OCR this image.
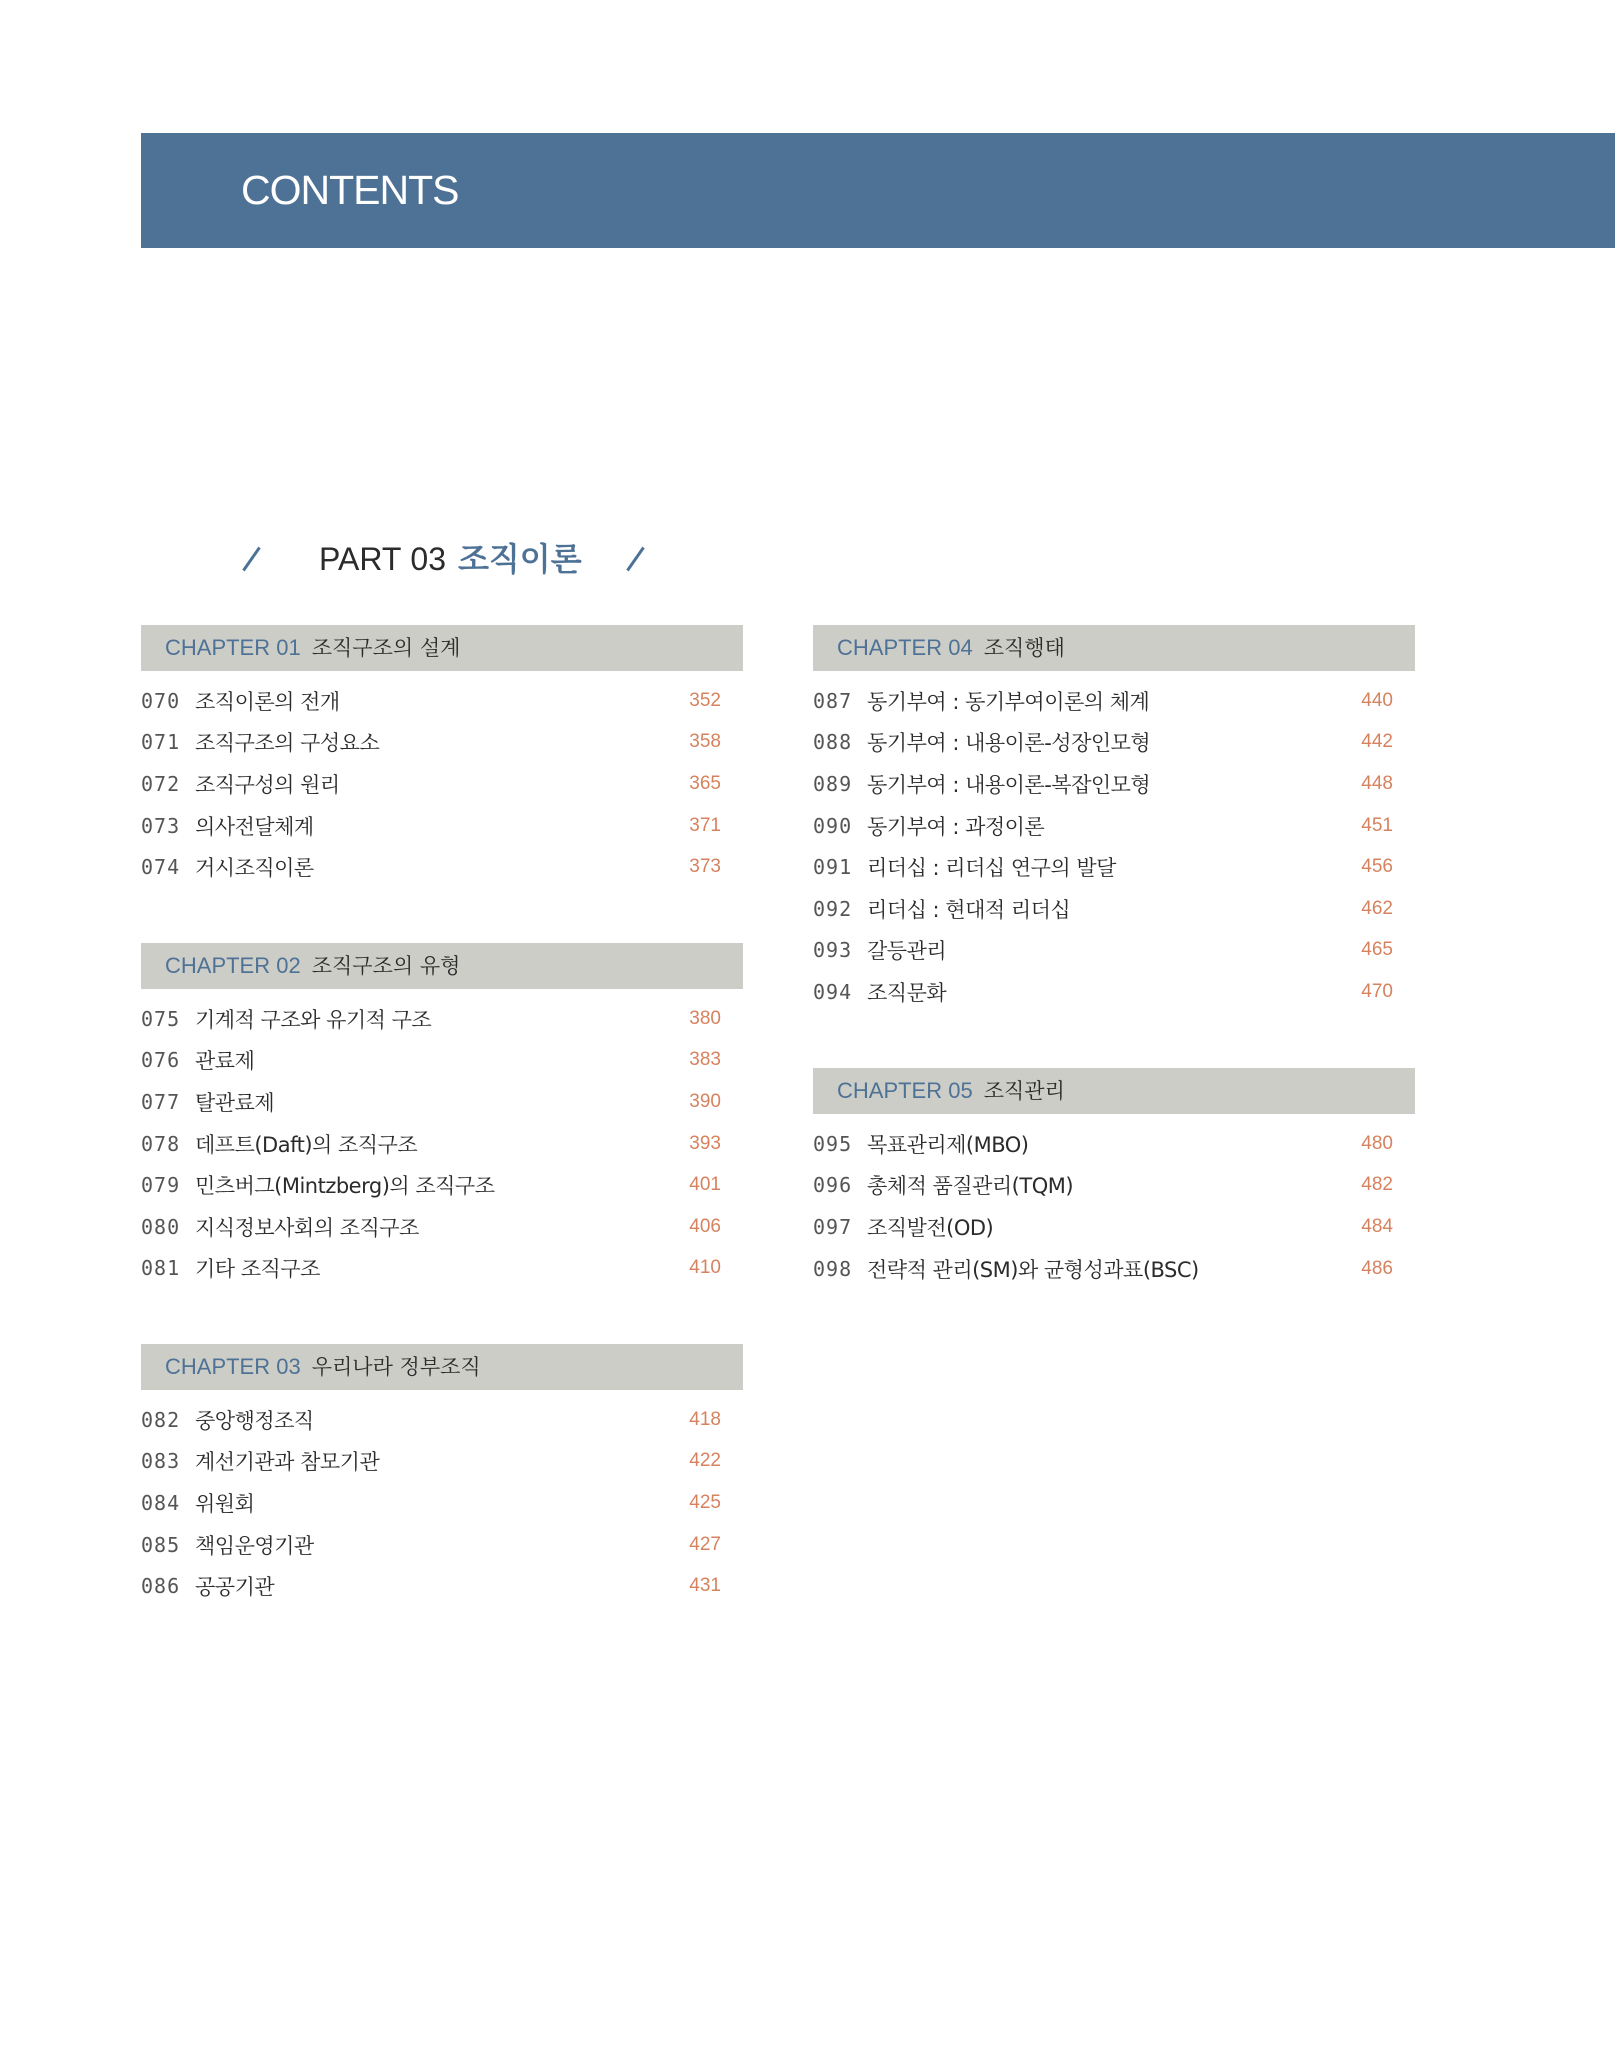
CONTENTS
PART 03 조직이론
CHAPTER 01 조직구조의 설계
070 조직이론의 전개	352
071 조직구조의 구성요소	358
072 조직구성의 원리	365
073 의사전달체계	371
074 거시조직이론	373
CHAPTER 02 조직구조의 유형
075 기계적 구조와 유기적 구조	380
076 관료제	383
077 탈관료제	390
078 데프트(Daft)의 조직구조	393
079 민츠버그(Mintzberg)의 조직구조	401
080 지식정보사회의 조직구조	406
081 기타 조직구조	410
CHAPTER 03 우리나라 정부조직
082 중앙행정조직	418
083 계선기관과 참모기관	422
084 위원회	425
085 책임운영기관	427
086 공공기관	431
CHAPTER 04 조직행태
087 동기부여 : 동기부여이론의 체계	440
088 동기부여 : 내용이론-성장인모형	442
089 동기부여 : 내용이론-복잡인모형	448
090 동기부여 : 과정이론	451
091 리더십 : 리더십 연구의 발달	456
092 리더십 : 현대적 리더십	462
093 갈등관리	465
094 조직문화	470
CHAPTER 05 조직관리
095 목표관리제(MBO)	480
096 총체적 품질관리(TQM)	482
097 조직발전(OD)	484
098 전략적 관리(SM)와 균형성과표(BSC)	486
